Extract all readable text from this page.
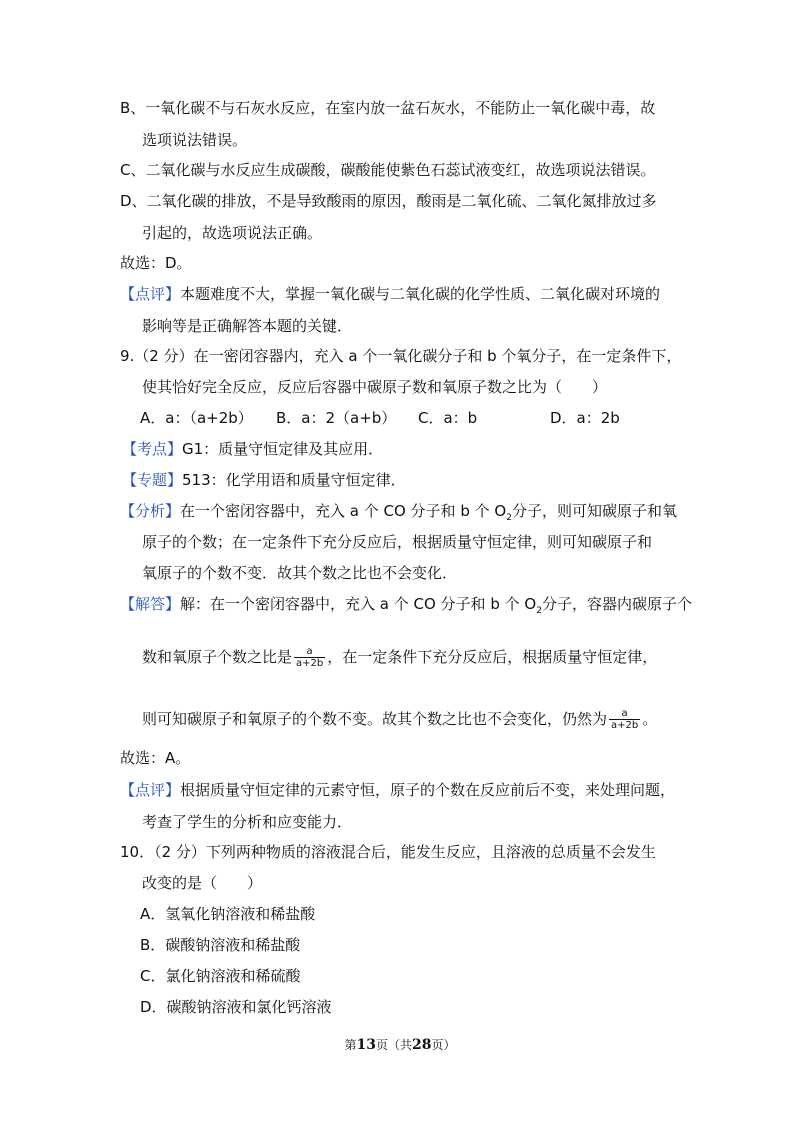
B、一氧化碳不与石灰水反应，在室内放一盆石灰水，不能防止一氧化碳中毒，故
选项说法错误。
C、二氧化碳与水反应生成碳酸，碳酸能使紫色石蕊试液变红，故选项说法错误。
D、二氧化碳的排放，不是导致酸雨的原因，酸雨是二氧化硫、二氧化氮排放过多
引起的，故选项说法正确。
故选：D。
【点评】本题难度不大，掌握一氧化碳与二氧化碳的化学性质、二氧化碳对环境的
影响等是正确解答本题的关键．
9.（2 分）在一密闭容器内，充入 a 个一氧化碳分子和 b 个氧分子，在一定条件下，
使其恰好完全反应，反应后容器中碳原子数和氧原子数之比为（　　）
A．a：（a+2b）	B．a：2（a+b）	C．a：b	D．a：2b
【考点】G1：质量守恒定律及其应用．
【专题】513：化学用语和质量守恒定律．
【分析】在一个密闭容器中，充入 a 个 CO 分子和 b 个 $O_2$分子，则可知碳原子和氧
原子的个数；在一定条件下充分反应后，根据质量守恒定律，则可知碳原子和
氧原子的个数不变．故其个数之比也不会变化．
【解答】解：在一个密闭容器中，充入 a 个 CO 分子和 b 个 $O_2$分子，容器内碳原子个
数和氧原子个数之比是 $\frac{a}{a+2b}$ ，在一定条件下充分反应后，根据质量守恒定律，
则可知碳原子和氧原子的个数不变。故其个数之比也不会变化，仍然为 $\frac{a}{a+2b}$ 。
故选：A。
【点评】根据质量守恒定律的元素守恒，原子的个数在反应前后不变，来处理问题，
考查了学生的分析和应变能力．
10．（2 分）下列两种物质的溶液混合后，能发生反应，且溶液的总质量不会发生
改变的是（　　）
A．氢氧化钠溶液和稀盐酸
B．碳酸钠溶液和稀盐酸
C．氯化钠溶液和稀硫酸
D．碳酸钠溶液和氯化钙溶液
第13页（共28页）
